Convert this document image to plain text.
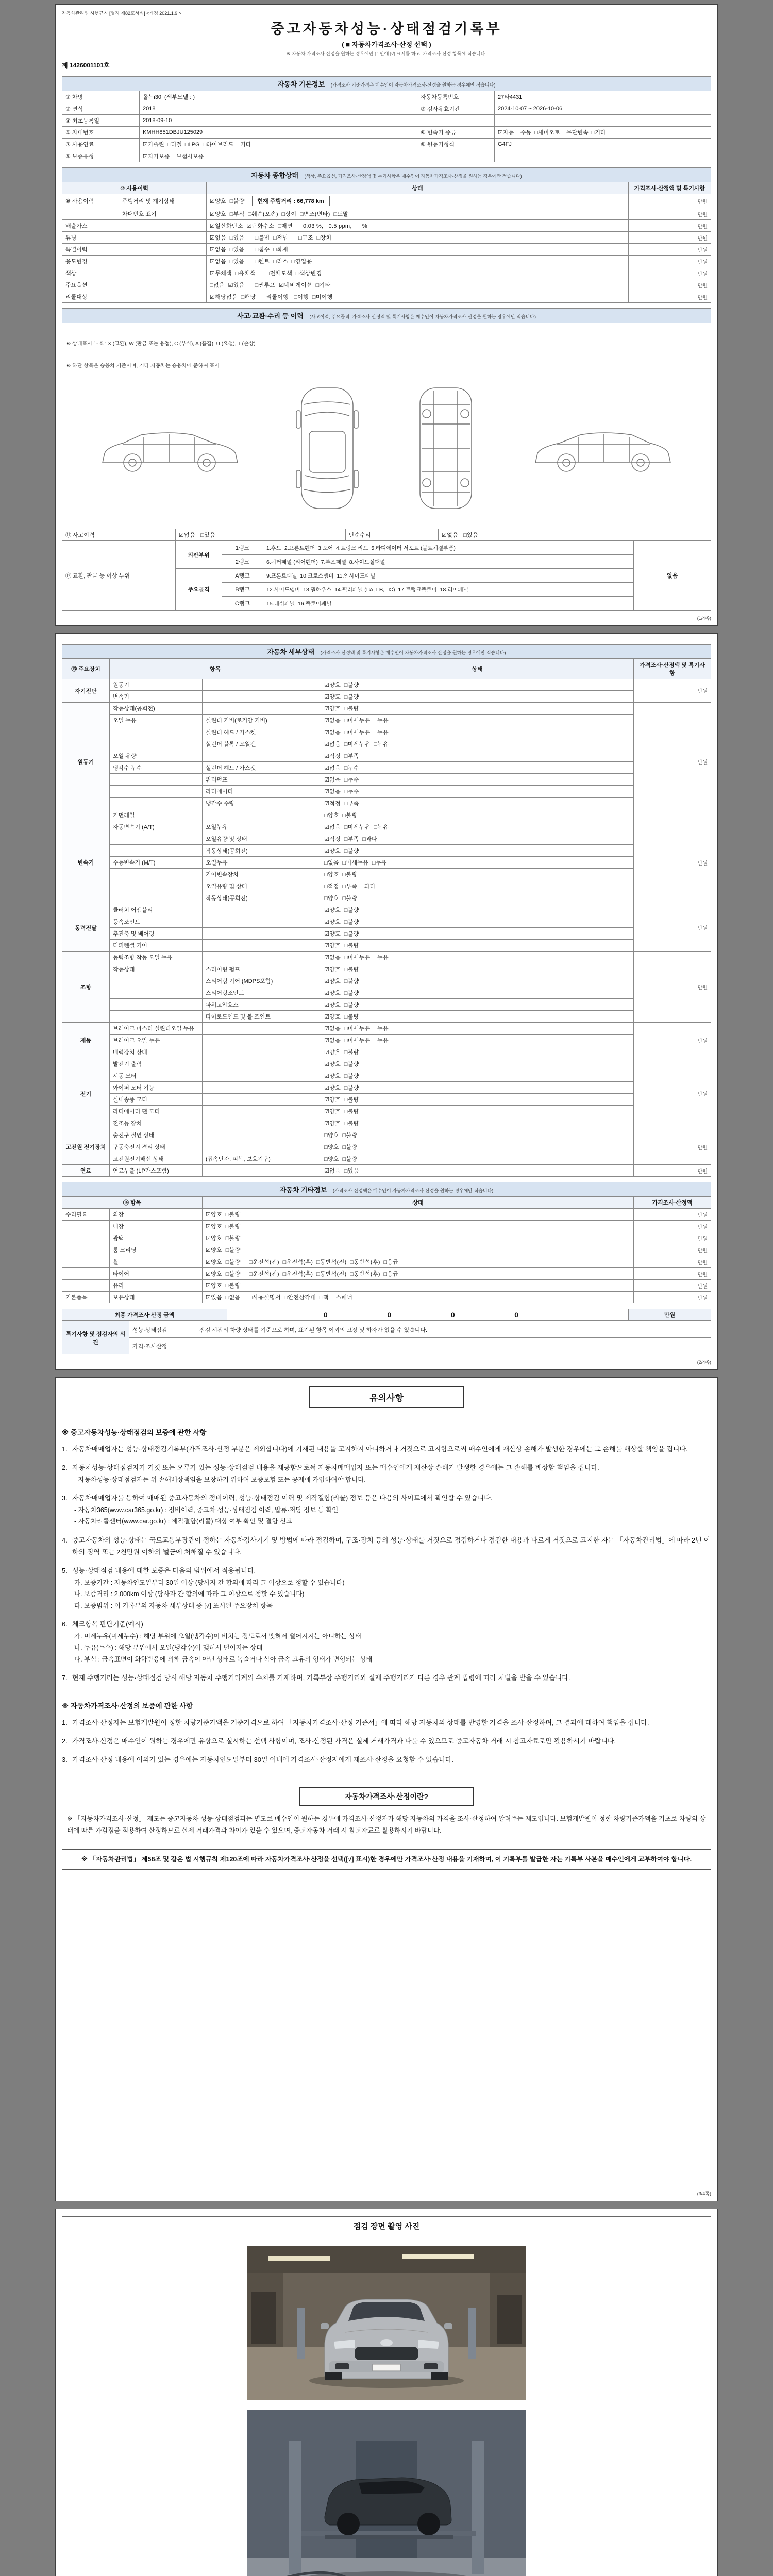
자동차관리법 시행규칙 [별지 제82호서식] <개정 2021.1.9.>
중고자동차성능·상태점검기록부
( ■ 자동차가격조사·산정 선택 )
※ 자동차 가격조사·산정을 원하는 경우에만 [ ] 안에 [√] 표시를 하고, 가격조사·산정 항목에 적습니다.
제 1426001101호
자동차 기본정보 (가격조사 기준가격은 매수인이 자동차가격조사·산정을 원하는 경우에만 적습니다)
① 차명	올뉴i30  (세부모델 : )	자동차등록번호	27타4431
② 연식	2018	③ 검사유효기간	2024-10-07 ~ 2026-10-06
④ 최초등록일	2018-09-10
⑤ 차대번호	KMHH851DBJU125029	⑥ 변속기 종류	☑자동  □수동  □세미오토  □무단변속  □기타
⑦ 사용연료	☑가솔린  □디젤  □LPG  □하이브리드  □기타	⑧ 원동기형식	G4FJ
⑨ 보증유형	☑자가보증  □보험사보증
자동차 종합상태 (색상, 주요옵션, 가격조사·산정액 및 특기사항은 매수인이 자동차가격조사·산정을 원하는 경우에만 적습니다)
⑩ 사용이력	상태	가격조사·산정액 및 특기사항
⑩ 사용이력	주행거리 및 계기상태	☑양호  □불량	현재 주행거리 : 66,778 km	만원
차대번호 표기	☑양호  □부식  □훼손(오손)  □상이  □변조(변타)  □도말	만원
배출가스	☑일산화탄소  ☑탄화수소  □매연      0.03 %,   0.5 ppm,      %	만원
튜닝	☑없음  □있음      □불법  □적법      □구조  □장치	만원
특별이력	☑없음  □있음      □침수  □화재	만원
용도변경	☑없음  □있음      □렌트  □리스  □영업용	만원
색상	☑무채색  □유채색      □전체도색  □색상변경	만원
주요옵션	□없음  ☑있음      □썬루프  ☑네비게이션  □기타	만원
리콜대상	☑해당없음  □해당      리콜이행   □이행  □미이행	만원
사고·교환·수리 등 이력 (사고이력, 주요골격, 가격조사·산정액 및 특기사항은 매수인이 자동차가격조사·산정을 원하는 경우에만 적습니다)

※ 상태표시 부호 : X (교환), W (판금 또는 용접), C (부식), A (흠집), U (요철), T (손상)

※ 하단 항목은 승용차 기준이며, 기타 자동차는 승용차에 준하여 표시

⑪ 사고이력	☑없음   □있음	단순수리	☑없음   □있음
⑫ 교환, 판금 등 이상 부위
외판부위
주요골격
1랭크	1.후드  2.프론트휀더  3.도어  4.트렁크 리드  5.라디에이터 서포트 (볼트체결부품)
2랭크	6.쿼터패널 (리어휀더)  7.루프패널  8.사이드실패널
A랭크	9.프론트패널  10.크로스멤버  11.인사이드패널
B랭크	12.사이드멤버  13.휠하우스  14.필러패널 (□A, □B, □C)  17.트렁크플로어  18.리어패널
C랭크	15.대쉬패널  16.플로어패널
없음
(1/4쪽)
자동차 세부상태 (가격조사·산정액 및 특기사항은 매수인이 자동차가격조사·산정을 원하는 경우에만 적습니다)
⑬ 주요장치	항목	상태
가격조사·산정액 및 특기사항
자기진단
원동기	☑양호  □불량
변속기	☑양호  □불량
만원
원동기
작동상태(공회전)	☑양호  □불량
오일 누유	실린더 커버(로커암 커버)	☑없음  □미세누유  □누유
실린더 헤드 / 가스켓	☑없음  □미세누유  □누유
실린더 블록 / 오일팬	☑없음  □미세누유  □누유
오일 유량	☑적정  □부족
냉각수 누수	실린더 헤드 / 가스켓	☑없음  □누수
워터펌프	☑없음  □누수
라디에이터	☑없음  □누수
냉각수 수량	☑적정  □부족
커먼레일	□양호  □불량
만원
변속기
자동변속기 (A/T)	오일누유	☑없음  □미세누유  □누유
오일유량 및 상태	☑적정  □부족  □과다
작동상태(공회전)	☑양호  □불량
수동변속기 (M/T)	오일누유	□없음  □미세누유  □누유
기어변속장치	□양호  □불량
오일유량 및 상태	□적정  □부족  □과다
작동상태(공회전)	□양호  □불량
만원
동력전달
클러치 어셈블리	☑양호  □불량
등속조인트	☑양호  □불량
추진축 및 베어링	☑양호  □불량
디퍼렌셜 기어	☑양호  □불량
만원
조향
동력조향 작동 오일 누유	☑없음  □미세누유  □누유
작동상태	스티어링 펌프	☑양호  □불량
스티어링 기어 (MDPS포함)	☑양호  □불량
스티어링조인트	☑양호  □불량
파워고압호스	☑양호  □불량
타이로드엔드 및 볼 조인트	☑양호  □불량
만원
제동
브레이크 마스터 실린더오일 누유	☑없음  □미세누유  □누유
브레이크 오일 누유	☑없음  □미세누유  □누유
배력장치 상태	☑양호  □불량
만원
전기
발전기 출력	☑양호  □불량
시동 모터	☑양호  □불량
와이퍼 모터 기능	☑양호  □불량
실내송풍 모터	☑양호  □불량
라디에이터 팬 모터	☑양호  □불량
전조등 장치	☑양호  □불량
만원
고전원 전기장치
충전구 절연 상태	□양호  □불량
구동축전지 격리 상태	□양호  □불량
고전원전기배선 상태	(접속단자, 피복, 보호기구)	□양호  □불량
만원
연료	연료누출 (LP가스포함)	☑없음  □있음	만원
자동차 기타정보 (가격조사·산정액은 매수인이 자동차가격조사·산정을 원하는 경우에만 적습니다)
⑭ 항목	상태	가격조사·산정액
수리필요	외장	☑양호  □불량	만원
내장	☑양호  □불량	만원
광택	☑양호  □불량	만원
룸 크리닝	☑양호  □불량	만원
휠	☑양호  □불량     □운전석(전)  □운전석(후)  □동반석(전)  □동반석(후)  □응급	만원
타이어	☑양호  □불량     □운전석(전)  □운전석(후)  □동반석(전)  □동반석(후)  □응급	만원
유리	☑양호  □불량	만원
기본품목	보유상태	☑있음  □없음     □사용설명서  □안전삼각대  □잭  □스패너	만원
최종 가격조사·산정 금액	0   0   0   0	만원
특기사항 및 점검자의 의견
성능·상태점검	점검 시점의 차량 상태를 기준으로 하며, 표기된 항목 이외의 고장 및 하자가 있을 수 있습니다.
가격·조사산정
(2/4쪽)
유의사항
※ 중고자동차성능·상태점검의 보증에 관한 사항
1. 자동차매매업자는 성능·상태점검기록부(가격조사·산정 부분은 제외합니다)에 기재된 내용을 고지하지 아니하거나 거짓으로 고지함으로써 매수인에게 재산상 손해가 발생한 경우에는 그 손해를 배상할 책임을 집니다.
2. 자동차성능·상태점검자가 거짓 또는 오류가 있는 성능·상태점검 내용을 제공함으로써 자동차매매업자 또는 매수인에게 재산상 손해가 발생한 경우에는 그 손해를 배상할 책임을 집니다.
- 자동차성능·상태점검자는 위 손해배상책임을 보장하기 위하여 보증보험 또는 공제에 가입하여야 합니다.
3. 자동차매매업자를 통하여 매매된 중고자동차의 정비이력, 성능·상태점검 이력 및 제작결함(리콜) 정보 등은 다음의 사이트에서 확인할 수 있습니다.
- 자동차365(www.car365.go.kr) : 정비이력, 중고차 성능·상태점검 이력, 압류·저당 정보 등 확인
- 자동차리콜센터(www.car.go.kr) : 제작결함(리콜) 대상 여부 확인 및 결함 신고
4. 중고자동차의 성능·상태는 국토교통부장관이 정하는 자동차검사기기 및 방법에 따라 점검하며, 구조·장치 등의 성능·상태를 거짓으로 점검하거나 점검한 내용과 다르게 거짓으로 고지한 자는 「자동차관리법」에 따라 2년 이하의 징역 또는 2천만원 이하의 벌금에 처해질 수 있습니다.
5. 성능·상태점검 내용에 대한 보증은 다음의 범위에서 적용됩니다.
가. 보증기간 : 자동차인도일부터 30일 이상 (당사자 간 합의에 따라 그 이상으로 정할 수 있습니다)
나. 보증거리 : 2,000km 이상 (당사자 간 합의에 따라 그 이상으로 정할 수 있습니다)
다. 보증범위 : 이 기록부의 자동차 세부상태 중 [√] 표시된 주요장치 항목
6. 체크항목 판단기준(예시)
가. 미세누유(미세누수) : 해당 부위에 오일(냉각수)이 비치는 정도로서 맺혀서 떨어지지는 아니하는 상태
나. 누유(누수) : 해당 부위에서 오일(냉각수)이 맺혀서 떨어지는 상태
다. 부식 : 금속표면이 화학반응에 의해 금속이 아닌 상태로 녹슬거나 삭아 금속 고유의 형태가 변형되는 상태
7. 현재 주행거리는 성능·상태점검 당시 해당 자동차 주행거리계의 수치를 기재하며, 기록부상 주행거리와 실제 주행거리가 다른 경우 관계 법령에 따라 처벌을 받을 수 있습니다.
※ 자동차가격조사·산정의 보증에 관한 사항
1. 가격조사·산정자는 보험개발원이 정한 차량기준가액을 기준가격으로 하여 「자동차가격조사·산정 기준서」에 따라 해당 자동차의 상태를 반영한 가격을 조사·산정하며, 그 결과에 대하여 책임을 집니다.
2. 가격조사·산정은 매수인이 원하는 경우에만 유상으로 실시하는 선택 사항이며, 조사·산정된 가격은 실제 거래가격과 다를 수 있으므로 중고자동차 거래 시 참고자료로만 활용하시기 바랍니다.
3. 가격조사·산정 내용에 이의가 있는 경우에는 자동차인도일부터 30일 이내에 가격조사·산정자에게 재조사·산정을 요청할 수 있습니다.
자동차가격조사·산정이란?
※ 「자동차가격조사·산정」 제도는 중고자동차 성능·상태점검과는 별도로 매수인이 원하는 경우에 가격조사·산정자가 해당 자동차의 가격을 조사·산정하여 알려주는 제도입니다. 보험개발원이 정한 차량기준가액을 기초로 차량의 상태에 따른 가감점을 적용하여 산정하므로 실제 거래가격과 차이가 있을 수 있으며, 중고자동차 거래 시 참고자료로 활용하시기 바랍니다.
※ 「자동차관리법」 제58조 및 같은 법 시행규칙 제120조에 따라 자동차가격조사·산정을 선택([√] 표시)한 경우에만 가격조사·산정 내용을 기재하며, 이 기록부를 발급한 자는 기록부 사본을 매수인에게 교부하여야 합니다.
(3/4쪽)
점검 장면 촬영 사진
